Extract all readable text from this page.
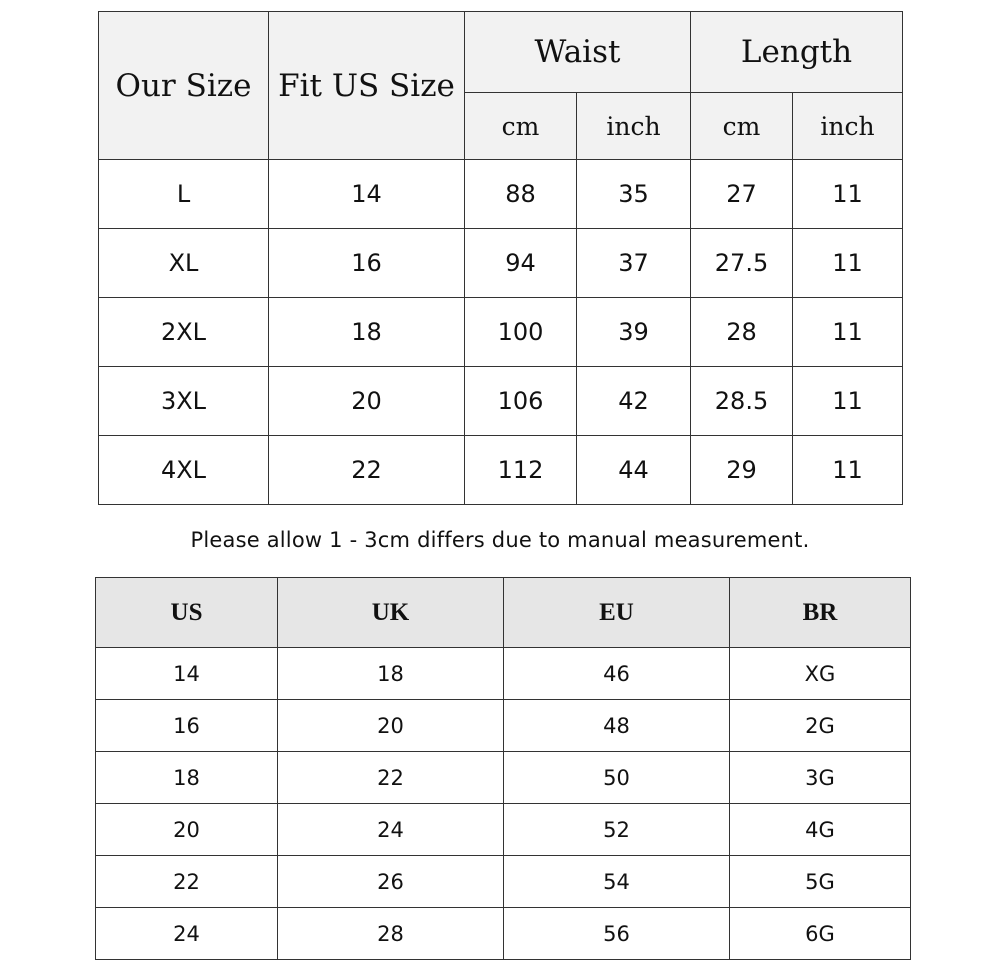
Our Size	Fit US Size	Waist		Length	
		cm	inch	cm	inch
L	14	88	35	27	11
XL	16	94	37	27.5	11
2XL	18	100	39	28	11
3XL	20	106	42	28.5	11
4XL	22	112	44	29	11
Please allow 1 - 3cm differs due to manual measurement.
US	UK	EU	BR
14	18	46	XG
16	20	48	2G
18	22	50	3G
20	24	52	4G
22	26	54	5G
24	28	56	6G
